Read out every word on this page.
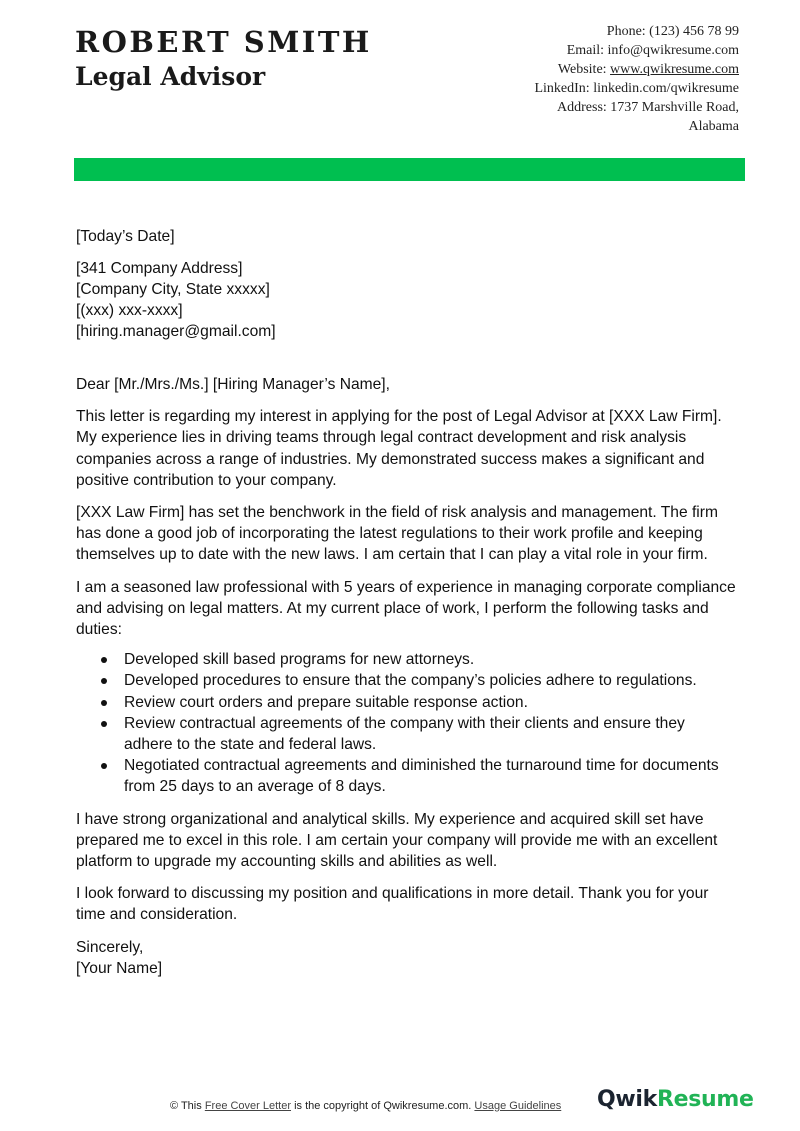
ROBERT SMITH
Legal Advisor
Phone: (123) 456 78 99
Email: info@qwikresume.com
Website: www.qwikresume.com
LinkedIn: linkedin.com/qwikresume
Address: 1737 Marshville Road,
Alabama
[Today’s Date]
[341 Company Address]
[Company City, State xxxxx]
[(xxx) xxx-xxxx]
[hiring.manager@gmail.com]

Dear [Mr./Mrs./Ms.] [Hiring Manager’s Name],

This letter is regarding my interest in applying for the post of Legal Advisor at [XXX Law Firm]. My experience lies in driving teams through legal contract development and risk analysis companies across a range of industries. My demonstrated success makes a significant and positive contribution to your company.

[XXX Law Firm] has set the benchwork in the field of risk analysis and management. The firm has done a good job of incorporating the latest regulations to their work profile and keeping themselves up to date with the new laws. I am certain that I can play a vital role in your firm.

I am a seasoned law professional with 5 years of experience in managing corporate compliance and advising on legal matters. At my current place of work, I perform the following tasks and duties:

Developed skill based programs for new attorneys.
Developed procedures to ensure that the company’s policies adhere to regulations.
Review court orders and prepare suitable response action.
Review contractual agreements of the company with their clients and ensure they adhere to the state and federal laws.
Negotiated contractual agreements and diminished the turnaround time for documents from 25 days to an average of 8 days.

I have strong organizational and analytical skills. My experience and acquired skill set have prepared me to excel in this role. I am certain your company will provide me with an excellent platform to upgrade my accounting skills and abilities as well.

I look forward to discussing my position and qualifications in more detail. Thank you for your time and consideration.

Sincerely,
[Your Name]
© This Free Cover Letter is the copyright of Qwikresume.com. Usage Guidelines QwikResume
